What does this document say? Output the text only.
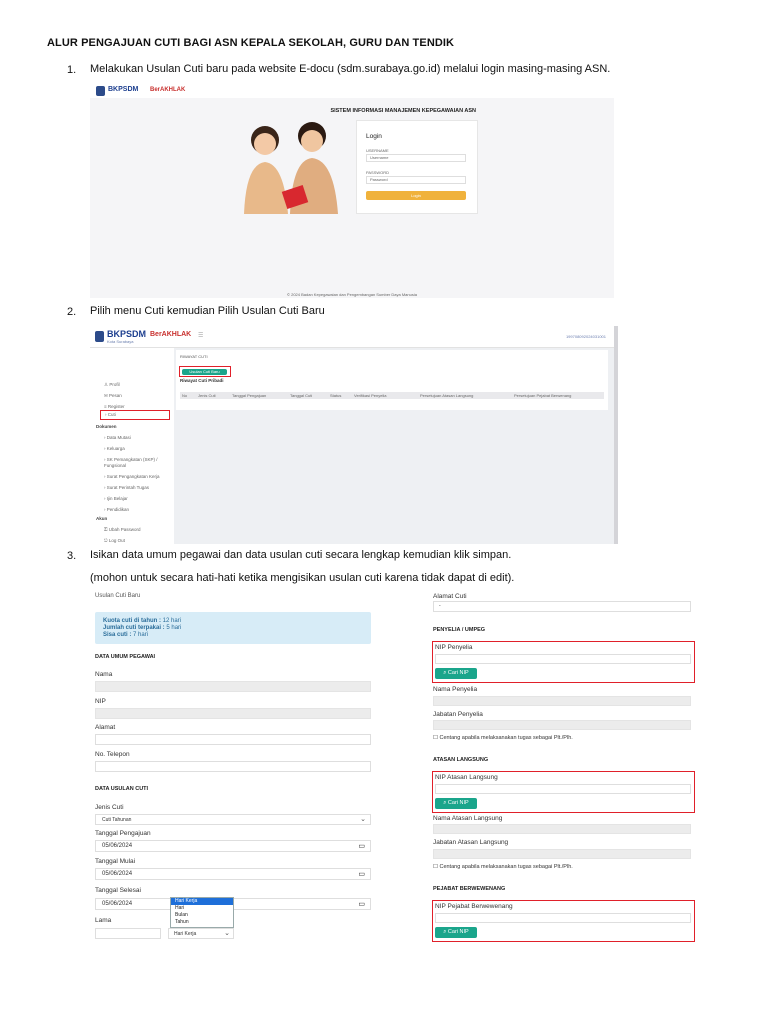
ALUR PENGAJUAN CUTI BAGI ASN KEPALA SEKOLAH, GURU DAN TENDIK
1. Melakukan Usulan Cuti baru pada website E-docu (sdm.surabaya.go.id) melalui login masing-masing ASN.
BKPSDM BerAKHLAK
SISTEM INFORMASI MANAJEMEN KEPEGAWAIAN ASN
Login
USERNAME
Username
PASSWORD
Password
Login
© 2024 Badan Kepegawaian dan Pengembangan Sumber Daya Manusia
2. Pilih menu Cuti kemudian Pilih Usulan Cuti Baru
BKPSDM
Kota Surabaya
BerAKHLAK ☰	199708092024031001
♙ Profil
✉ Pesan
≡ Register
› Cuti
Dokumen
› Data Mutasi
› Keluarga
› SK Pemangkatan (SKP) / Fungsional
› Surat Pengangkatan Kerja
› Surat Perintah Tugas
› Ijin Belajar
› Pendidikan
Akun
⚿ Ubah Password
⎋ Log Out
RIWAYAT CUTI
Usulan Cuti Baru
Riwayat Cuti Pribadi
No	Jenis Cuti	Tanggal Pengajuan	Tanggal Cuti	Status	Verifikasi Penyelia	Persetujuan Atasan Langsung	Persetujuan Pejabat Berwenang
3. Isikan data umum pegawai dan data usulan cuti secara lengkap kemudian klik simpan.
(mohon untuk secara hati-hati ketika mengisikan usulan cuti karena tidak dapat di edit).
Usulan Cuti Baru
Kuota cuti di tahun : 12 hari
Jumlah cuti terpakai : 5 hari
Sisa cuti : 7 hari
DATA UMUM PEGAWAI
Nama
NIP
Alamat
No. Telepon
DATA USULAN CUTI
Jenis Cuti
Cuti Tahunan	⌄
Tanggal Pengajuan
05/06/2024	▭
Tanggal Mulai
05/06/2024	▭
Tanggal Selesai
05/06/2024	▭
Lama
Hari Kerja	⌄
Hari Kerja
Hari
Bulan
Tahun
Alamat Cuti
-
PENYELIA / UMPEG
NIP Penyelia
⌕ Cari NIP
Nama Penyelia
Jabatan Penyelia
☐ Centang apabila melaksanakan tugas sebagai Plt./Plh.
ATASAN LANGSUNG
NIP Atasan Langsung
⌕ Cari NIP
Nama Atasan Langsung
Jabatan Atasan Langsung
☐ Centang apabila melaksanakan tugas sebagai Plt./Plh.
PEJABAT BERWEWENANG
NIP Pejabat Berwewenang
⌕ Cari NIP
